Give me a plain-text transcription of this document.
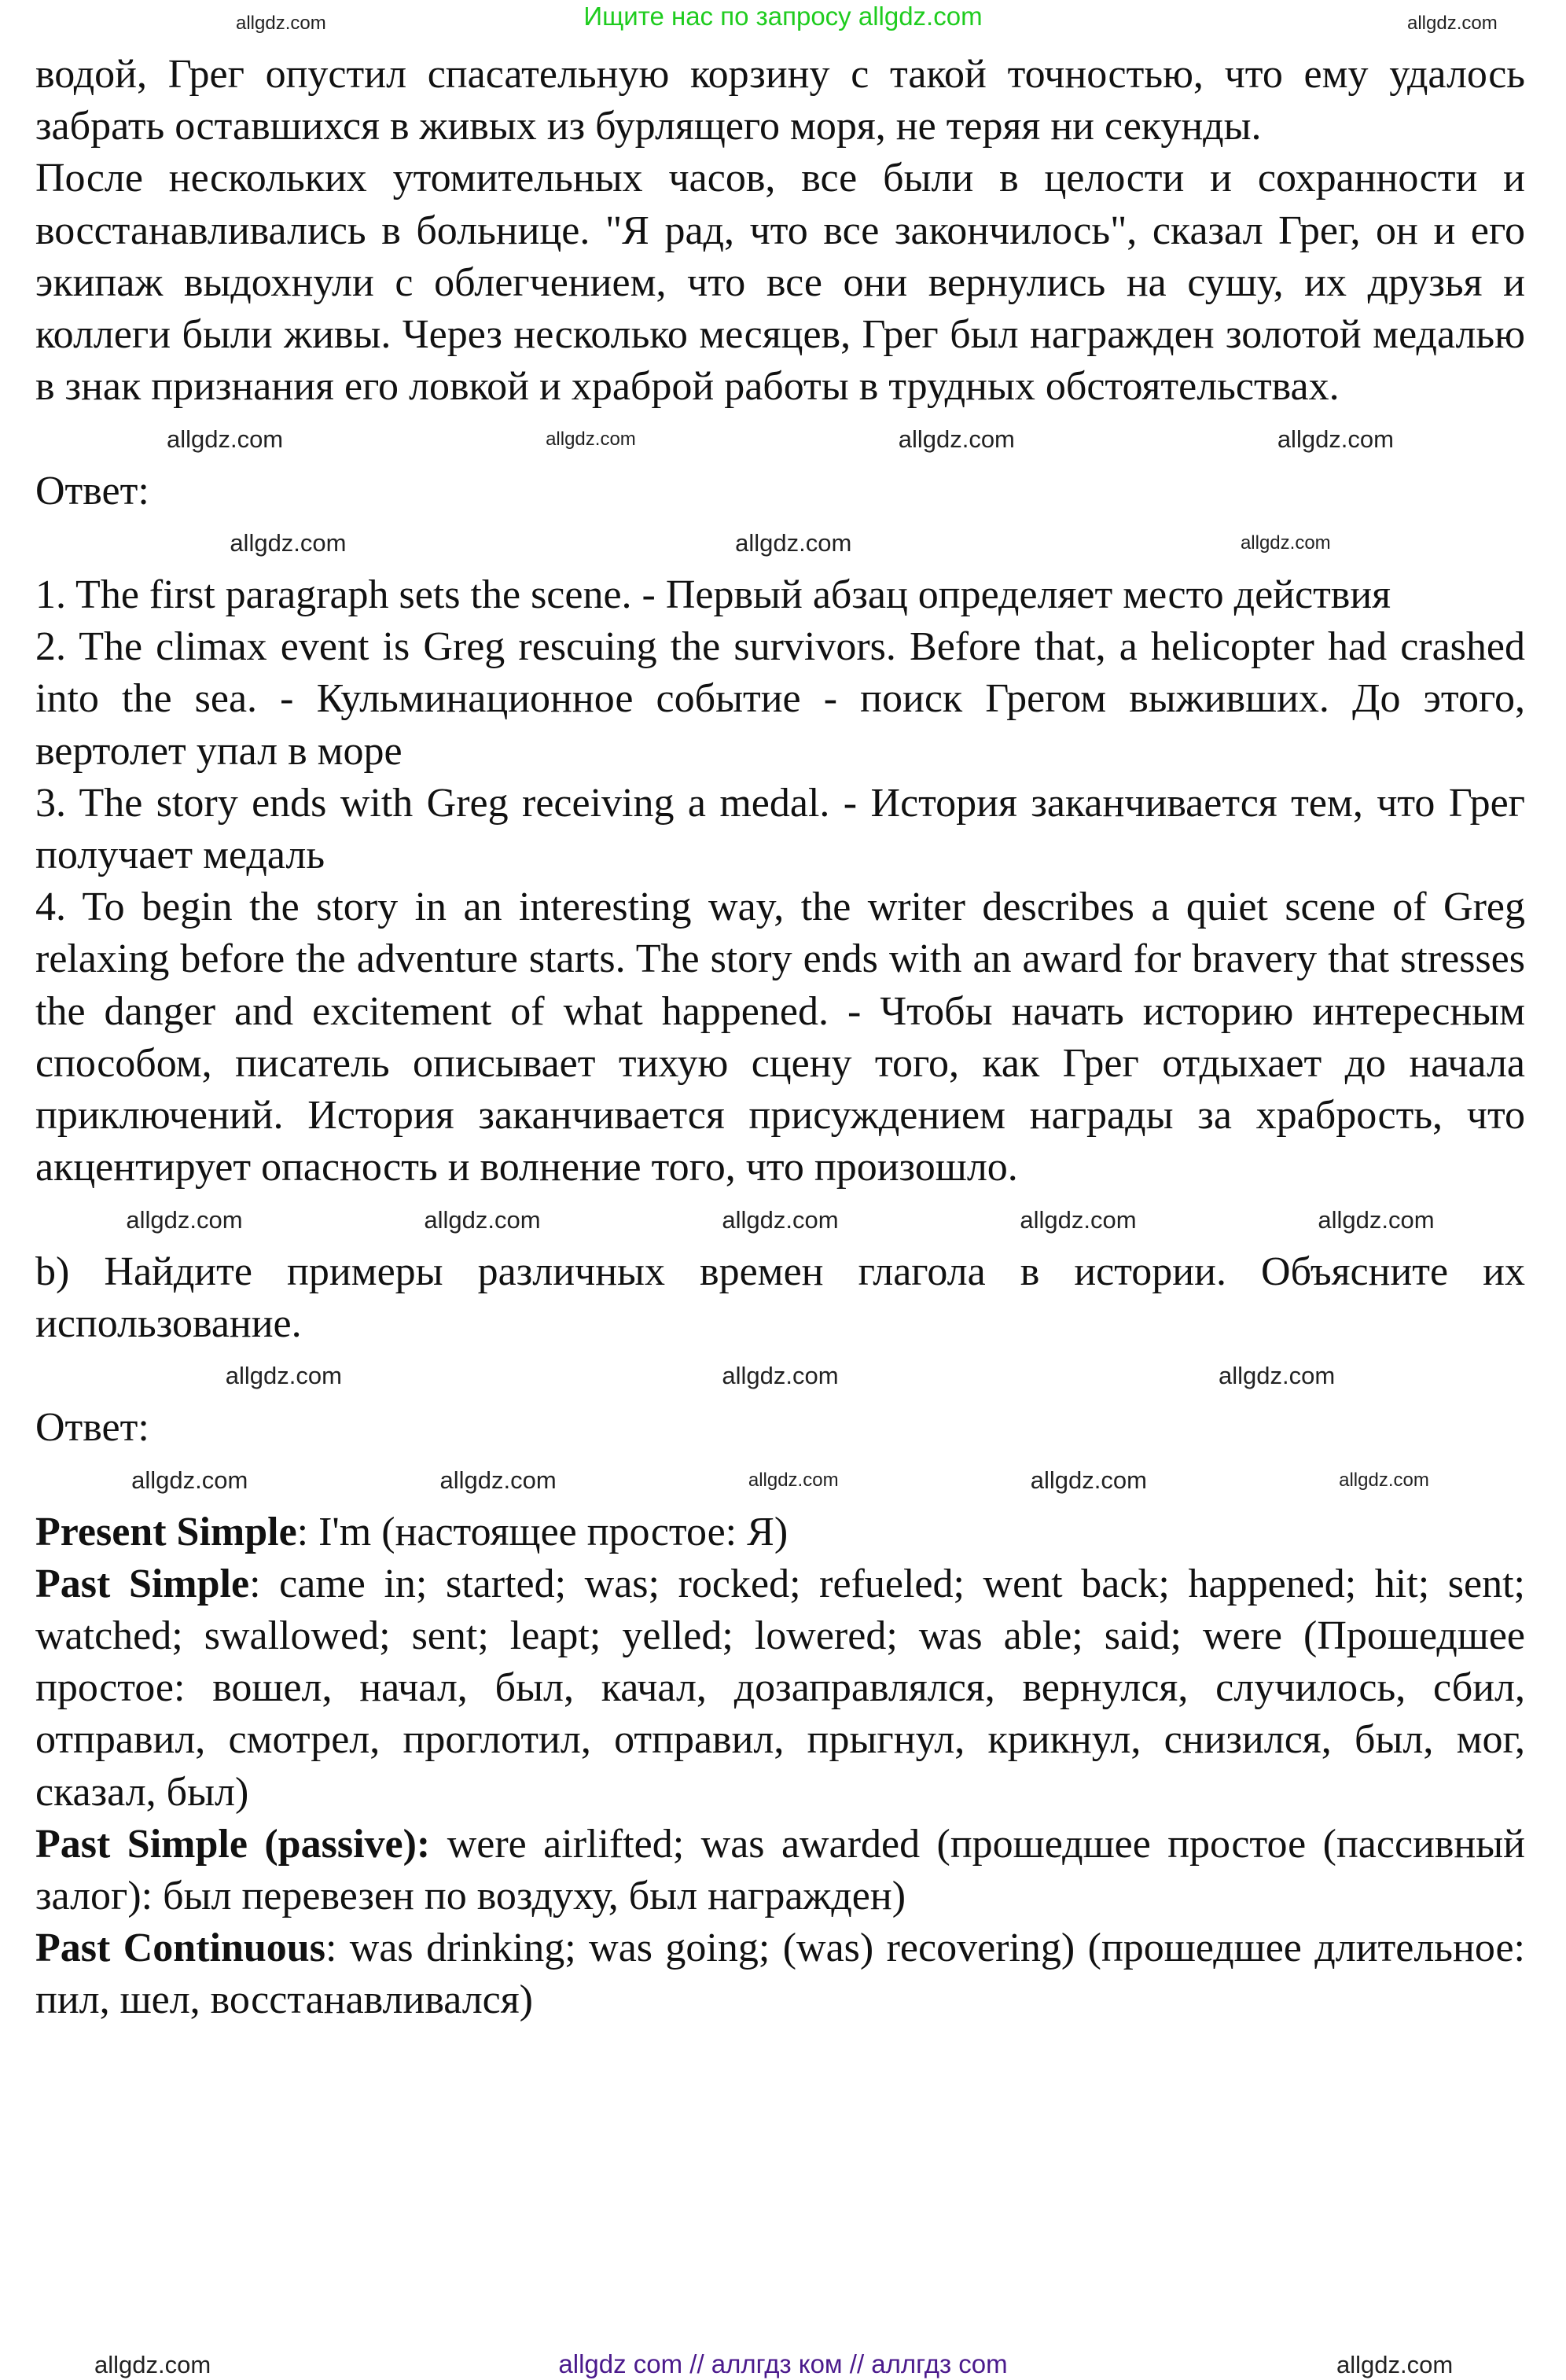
Ищите нас по запросу allgdz.com	allgdz.com
allgdz.com

водой, Грег опустил спасательную корзину с такой точностью, что ему удалось забрать оставшихся в живых из бурлящего моря, не теряя ни секунды.

После нескольких утомительных часов, все были в целости и сохранности и восстанавливались в больнице. "Я рад, что все закончилось", сказал Грег, он и его экипаж выдохнули с облегчением, что все они вернулись на сушу, их друзья и коллеги были живы. Через несколько месяцев, Грег был награжден золотой медалью в знак признания его ловкой и храброй работы в трудных обстоятельствах.

allgdz.com	allgdz.com	allgdz.com	allgdz.com

Ответ:

allgdz.com	allgdz.com	allgdz.com

1. The first paragraph sets the scene. - Первый абзац определяет место действия

2. The climax event is Greg rescuing the survivors. Before that, a helicopter had crashed into the sea. - Кульминационное событие - поиск Грегом выживших. До этого, вертолет упал в море

3. The story ends with Greg receiving a medal. - История заканчивается тем, что Грег получает медаль

4. To begin the story in an interesting way, the writer describes a quiet scene of Greg relaxing before the adventure starts. The story ends with an award for bravery that stresses the danger and excitement of what happened. - Чтобы начать историю интересным способом, писатель описывает тихую сцену того, как Грег отдыхает до начала приключений. История заканчивается присуждением награды за храбрость, что акцентирует опасность и волнение того, что произошло.

allgdz.com	allgdz.com	allgdz.com	allgdz.com	allgdz.com

b) Найдите примеры различных времен глагола в истории. Объясните их использование.

allgdz.com	allgdz.com	allgdz.com

Ответ:

allgdz.com	allgdz.com	allgdz.com	allgdz.com	allgdz.com

Present Simple: I'm (настоящее простое: Я)

Past Simple: came in; started; was; rocked; refueled; went back; happened; hit; sent; watched; swallowed; sent; leapt; yelled; lowered; was able; said; were (Прошедшее простое: вошел, начал, был, качал, дозаправлялся, вернулся, случилось, сбил, отправил, смотрел, проглотил, отправил, прыгнул, крикнул, снизился, был, мог, сказал, был)

Past Simple (passive): were airlifted; was awarded (прошедшее простое (пассивный залог): был перевезен по воздуху, был награжден)

Past Continuous: was drinking; was going; (was) recovering) (прошедшее длительное: пил, шел, восстанавливался)

allgdz.com	allgdz.com
allgdz com // аллгдз ком // аллгдз com
